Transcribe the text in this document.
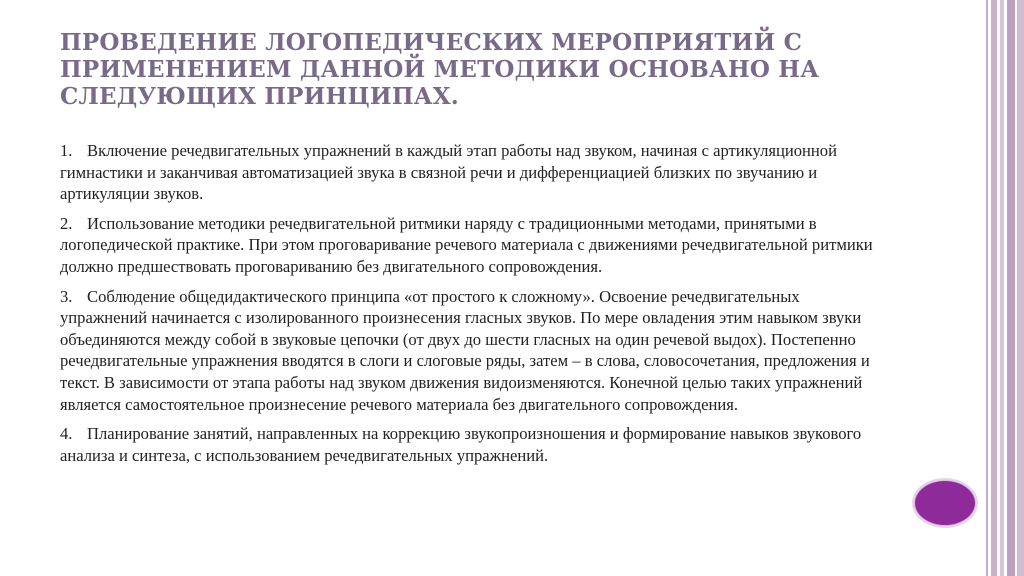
ПРОВЕДЕНИЕ ЛОГОПЕДИЧЕСКИХ МЕРОПРИЯТИЙ С ПРИМЕНЕНИЕМ ДАННОЙ МЕТОДИКИ ОСНОВАНО НА СЛЕДУЮЩИХ ПРИНЦИПАХ.

1. Включение речедвигательных упражнений в каждый этап работы над звуком, начиная с артикуляционной гимнастики и заканчивая автоматизацией звука в связной речи и дифференциацией близких по звучанию и артикуляции звуков.

2. Использование методики речедвигательной ритмики наряду с традиционными методами, принятыми в логопедической практике. При этом проговаривание речевого материала с движениями речедвигательной ритмики должно предшествовать проговариванию без двигательного сопровождения.

3. Соблюдение общедидактического принципа «от простого к сложному». Освоение речедвигательных упражнений начинается с изолированного произнесения гласных звуков. По мере овладения этим навыком звуки объединяются между собой в звуковые цепочки (от двух до шести гласных на один речевой выдох). Постепенно речедвигательные упражнения вводятся в слоги и слоговые ряды, затем – в слова, словосочетания, предложения и текст. В зависимости от этапа работы над звуком движения видоизменяются. Конечной целью таких упражнений является самостоятельное произнесение речевого материала без двигательного сопровождения.

4. Планирование занятий, направленных на коррекцию звукопроизношения и формирование навыков звукового анализа и синтеза, с использованием речедвигательных упражнений.
